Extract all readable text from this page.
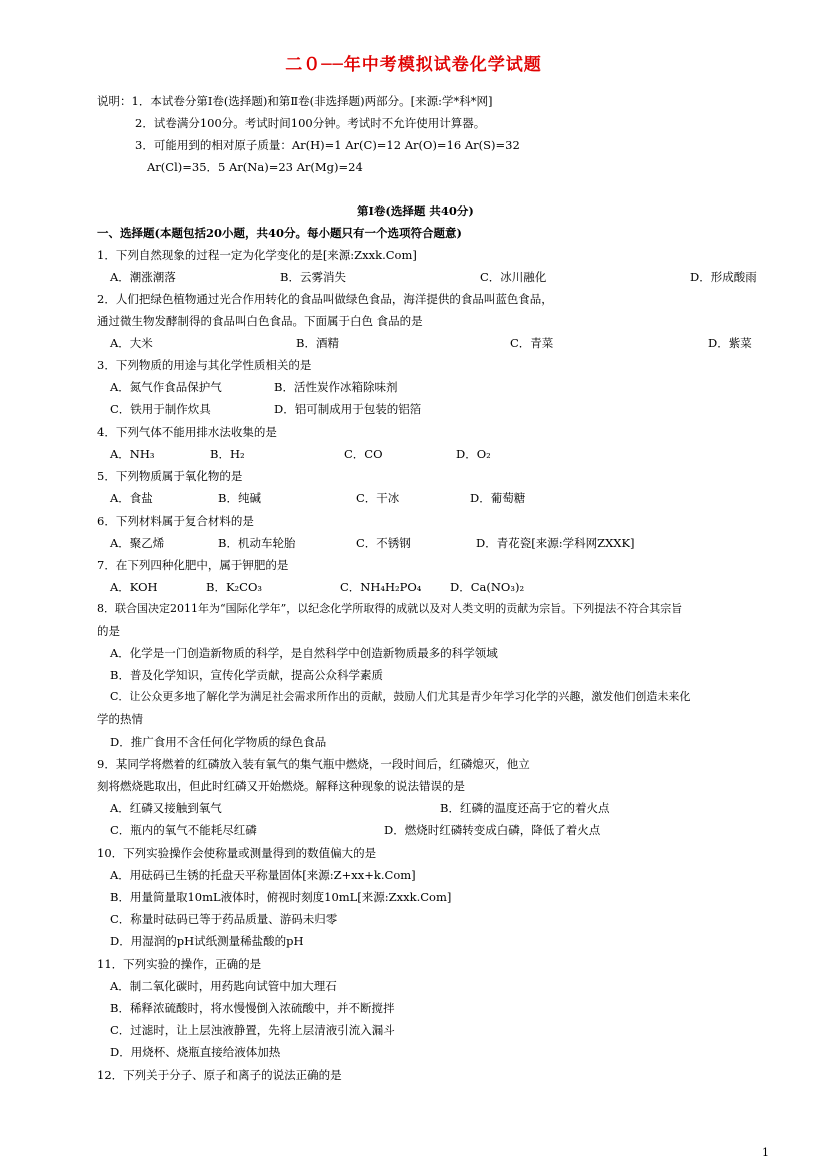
二０──年中考模拟试卷化学试题
说明：1．本试卷分第Ⅰ卷(选择题)和第Ⅱ卷(非选择题)两部分。[来源:学*科*网]
2．试卷满分100分。考试时间100分钟。考试时不允许使用计算器。
3．可能用到的相对原子质量：Ar(H)=1 Ar(C)=12 Ar(O)=16 Ar(S)=32
Ar(Cl)=35．5 Ar(Na)=23 Ar(Mg)=24
第Ⅰ卷(选择题 共40分)
一、选择题(本题包括20小题，共40分。每小题只有一个选项符合题意)
1．下列自然现象的过程一定为化学变化的是[来源:Zxxk.Com]
A．潮涨潮落	B．云雾消失	C．冰川融化	D．形成酸雨
2．人们把绿色植物通过光合作用转化的食品叫做绿色食品，海洋提供的食品叫蓝色食品，
通过微生物发酵制得的食品叫白色食品。下面属于白色 食品的是
A．大米	B．酒精	C．青菜	D．紫菜
3．下列物质的用途与其化学性质相关的是
A．氮气作食品保护气	B．活性炭作冰箱除味剂
C．铁用于制作炊具	D．铝可制成用于包装的铝箔
4．下列气体不能用排水法收集的是
A．NH₃	B．H₂	C．CO	D．O₂
5．下列物质属于氧化物的是
A．食盐	B．纯碱	C．干冰	D．葡萄糖
6．下列材料属于复合材料的是
A．聚乙烯	B．机动车轮胎	C．不锈钢	D．青花瓷[来源:学科网ZXXK]
7．在下列四种化肥中，属于钾肥的是
A．KOH	B．K₂CO₃	C．NH₄H₂PO₄ D．Ca(NO₃)₂
8．联合国决定2011年为“国际化学年”，以纪念化学所取得的成就以及对人类文明的贡献为宗旨。下列提法不符合其宗旨
的是
A．化学是一门创造新物质的科学，是自然科学中创造新物质最多的科学领域
B．普及化学知识，宣传化学贡献，提高公众科学素质
C．让公众更多地了解化学为满足社会需求所作出的贡献，鼓励人们尤其是青少年学习化学的兴趣，激发他们创造未来化
学的热情
D．推广食用不含任何化学物质的绿色食品
9．某同学将燃着的红磷放入装有氧气的集气瓶中燃烧，一段时间后，红磷熄灭，他立
刻将燃烧匙取出，但此时红磷又开始燃烧。解释这种现象的说法错误的是
A．红磷又接触到氧气	B．红磷的温度还高于它的着火点
C．瓶内的氧气不能耗尽红磷	D．燃烧时红磷转变成白磷，降低了着火点
10．下列实验操作会使称量或测量得到的数值偏大的是
A．用砝码已生锈的托盘天平称量固体[来源:Z+xx+k.Com]
B．用量筒量取10mL液体时，俯视时刻度10mL[来源:Zxxk.Com]
C．称量时砝码已等于药品质量、游码未归零
D．用湿润的pH试纸测量稀盐酸的pH
11．下列实验的操作，正确的是
A．制二氧化碳时，用药匙向试管中加大理石
B．稀释浓硫酸时，将水慢慢倒入浓硫酸中，并不断搅拌
C．过滤时，让上层浊液静置，先将上层清液引流入漏斗
D．用烧杯、烧瓶直接给液体加热
12．下列关于分子、原子和离子的说法正确的是
1
